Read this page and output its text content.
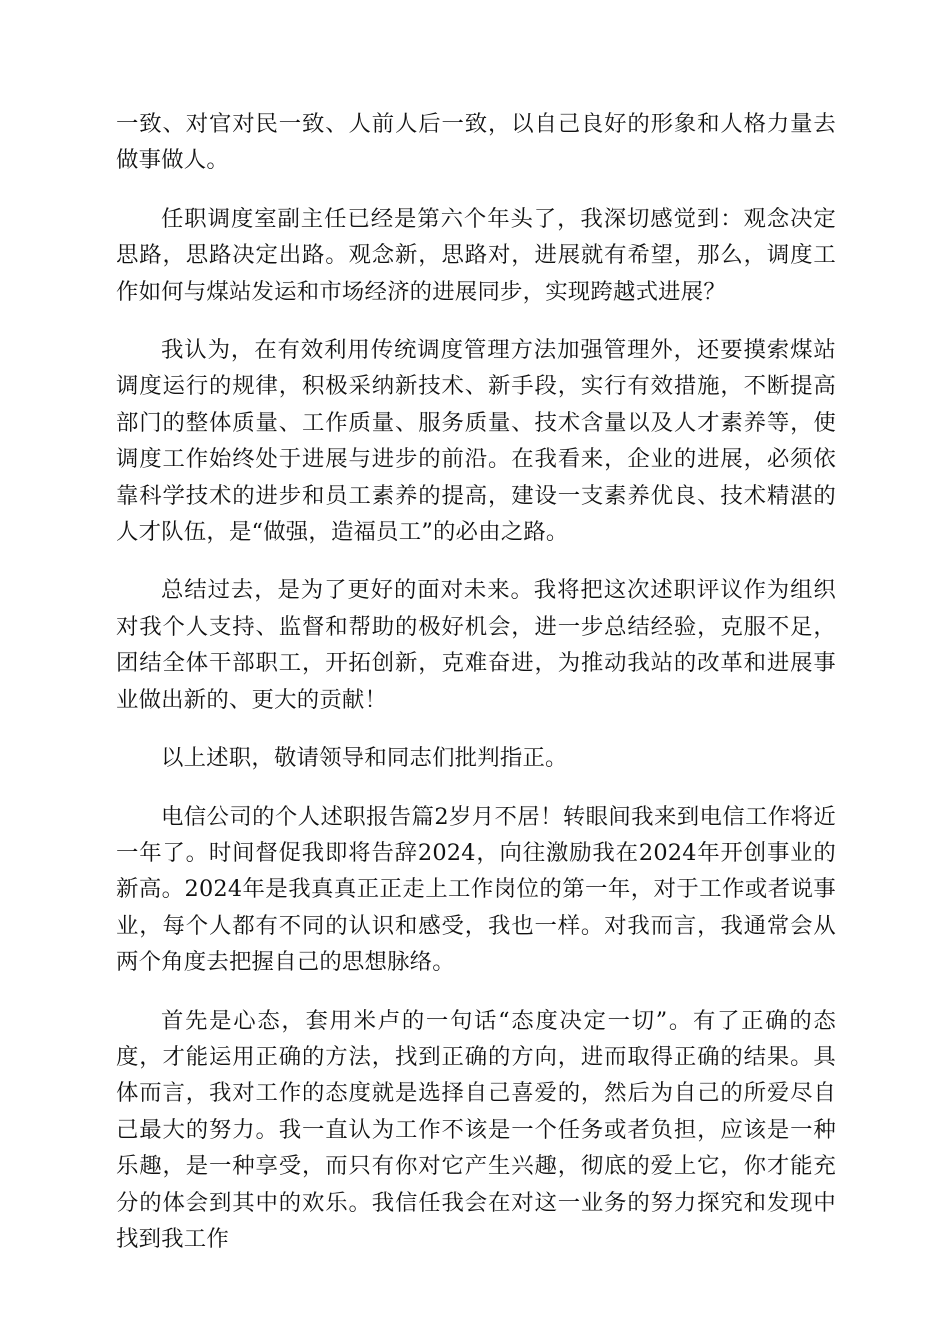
一致、对官对民一致、人前人后一致，以自己良好的形象和人格力量去做事做人。

任职调度室副主任已经是第六个年头了，我深切感觉到：观念决定思路，思路决定出路。观念新，思路对，进展就有希望，那么，调度工作如何与煤站发运和市场经济的进展同步，实现跨越式进展？

我认为，在有效利用传统调度管理方法加强管理外，还要摸索煤站调度运行的规律，积极采纳新技术、新手段，实行有效措施，不断提高部门的整体质量、工作质量、服务质量、技术含量以及人才素养等，使调度工作始终处于进展与进步的前沿。在我看来，企业的进展，必须依靠科学技术的进步和员工素养的提高，建设一支素养优良、技术精湛的人才队伍，是“做强，造福员工”的必由之路。

总结过去，是为了更好的面对未来。我将把这次述职评议作为组织对我个人支持、监督和帮助的极好机会，进一步总结经验，克服不足，团结全体干部职工，开拓创新，克难奋进，为推动我站的改革和进展事业做出新的、更大的贡献！

以上述职，敬请领导和同志们批判指正。

电信公司的个人述职报告篇2岁月不居！转眼间我来到电信工作将近一年了。时间督促我即将告辞2024，向往激励我在2024年开创事业的新高。2024年是我真真正正走上工作岗位的第一年，对于工作或者说事业，每个人都有不同的认识和感受，我也一样。对我而言，我通常会从两个角度去把握自己的思想脉络。

首先是心态，套用米卢的一句话“态度决定一切”。有了正确的态度，才能运用正确的方法，找到正确的方向，进而取得正确的结果。具体而言，我对工作的态度就是选择自己喜爱的，然后为自己的所爱尽自己最大的努力。我一直认为工作不该是一个任务或者负担，应该是一种乐趣，是一种享受，而只有你对它产生兴趣，彻底的爱上它，你才能充分的体会到其中的欢乐。我信任我会在对这一业务的努力探究和发现中找到我工作
